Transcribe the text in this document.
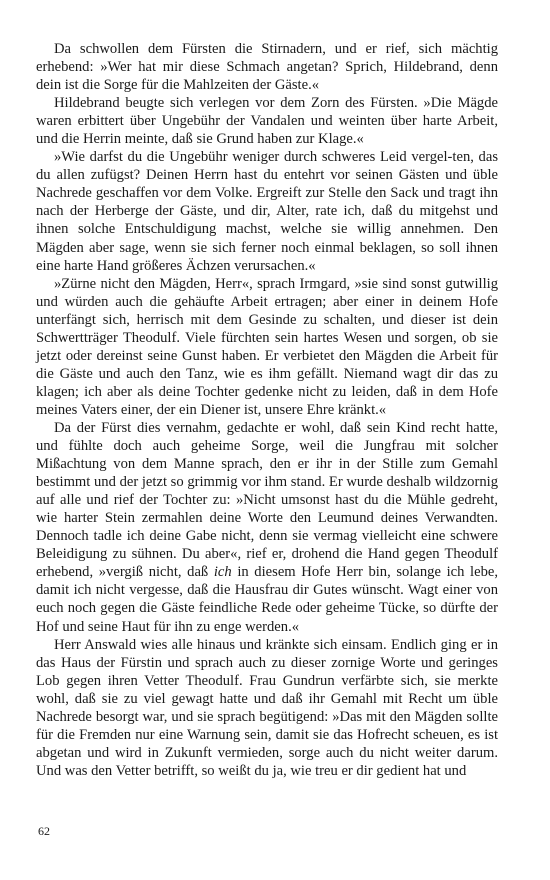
Da schwollen dem Fürsten die Stirnadern, und er rief, sich mächtig erhebend: »Wer hat mir diese Schmach angetan? Sprich, Hildebrand, denn dein ist die Sorge für die Mahlzeiten der Gäste.«

Hildebrand beugte sich verlegen vor dem Zorn des Fürsten. »Die Mägde waren erbittert über Ungebühr der Vandalen und weinten über harte Arbeit, und die Herrin meinte, daß sie Grund haben zur Klage.«

»Wie darfst du die Ungebühr weniger durch schweres Leid vergel-ten, das du allen zufügst? Deinen Herrn hast du entehrt vor seinen Gästen und üble Nachrede geschaffen vor dem Volke. Ergreift zur Stelle den Sack und tragt ihn nach der Herberge der Gäste, und dir, Alter, rate ich, daß du mitgehst und ihnen solche Entschuldigung machst, welche sie willig annehmen. Den Mägden aber sage, wenn sie sich ferner noch einmal beklagen, so soll ihnen eine harte Hand größeres Ächzen verursachen.«

»Zürne nicht den Mägden, Herr«, sprach Irmgard, »sie sind sonst gutwillig und würden auch die gehäufte Arbeit ertragen; aber einer in deinem Hofe unterfängt sich, herrisch mit dem Gesinde zu schalten, und dieser ist dein Schwertträger Theodulf. Viele fürchten sein hartes Wesen und sorgen, ob sie jetzt oder dereinst seine Gunst haben. Er verbietet den Mägden die Arbeit für die Gäste und auch den Tanz, wie es ihm gefällt. Niemand wagt dir das zu klagen; ich aber als deine Tochter gedenke nicht zu leiden, daß in dem Hofe meines Vaters einer, der ein Diener ist, unsere Ehre kränkt.«

Da der Fürst dies vernahm, gedachte er wohl, daß sein Kind recht hatte, und fühlte doch auch geheime Sorge, weil die Jungfrau mit solcher Mißachtung von dem Manne sprach, den er ihr in der Stille zum Gemahl bestimmt und der jetzt so grimmig vor ihm stand. Er wurde deshalb wildzornig auf alle und rief der Tochter zu: »Nicht umsonst hast du die Mühle gedreht, wie harter Stein zermahlen deine Worte den Leumund deines Verwandten. Dennoch tadle ich deine Gabe nicht, denn sie vermag vielleicht eine schwere Beleidigung zu sühnen. Du aber«, rief er, drohend die Hand gegen Theodulf erhebend, »vergiß nicht, daß ich in diesem Hofe Herr bin, solange ich lebe, damit ich nicht vergesse, daß die Hausfrau dir Gutes wünscht. Wagt einer von euch noch gegen die Gäste feindliche Rede oder geheime Tücke, so dürfte der Hof und seine Haut für ihn zu enge werden.«

Herr Answald wies alle hinaus und kränkte sich einsam. Endlich ging er in das Haus der Fürstin und sprach auch zu dieser zornige Worte und geringes Lob gegen ihren Vetter Theodulf. Frau Gundrun verfärbte sich, sie merkte wohl, daß sie zu viel gewagt hatte und daß ihr Gemahl mit Recht um üble Nachrede besorgt war, und sie sprach begütigend: »Das mit den Mägden sollte für die Fremden nur eine Warnung sein, damit sie das Hofrecht scheuen, es ist abgetan und wird in Zukunft vermieden, sorge auch du nicht weiter darum. Und was den Vetter betrifft, so weißt du ja, wie treu er dir gedient hat und

62
